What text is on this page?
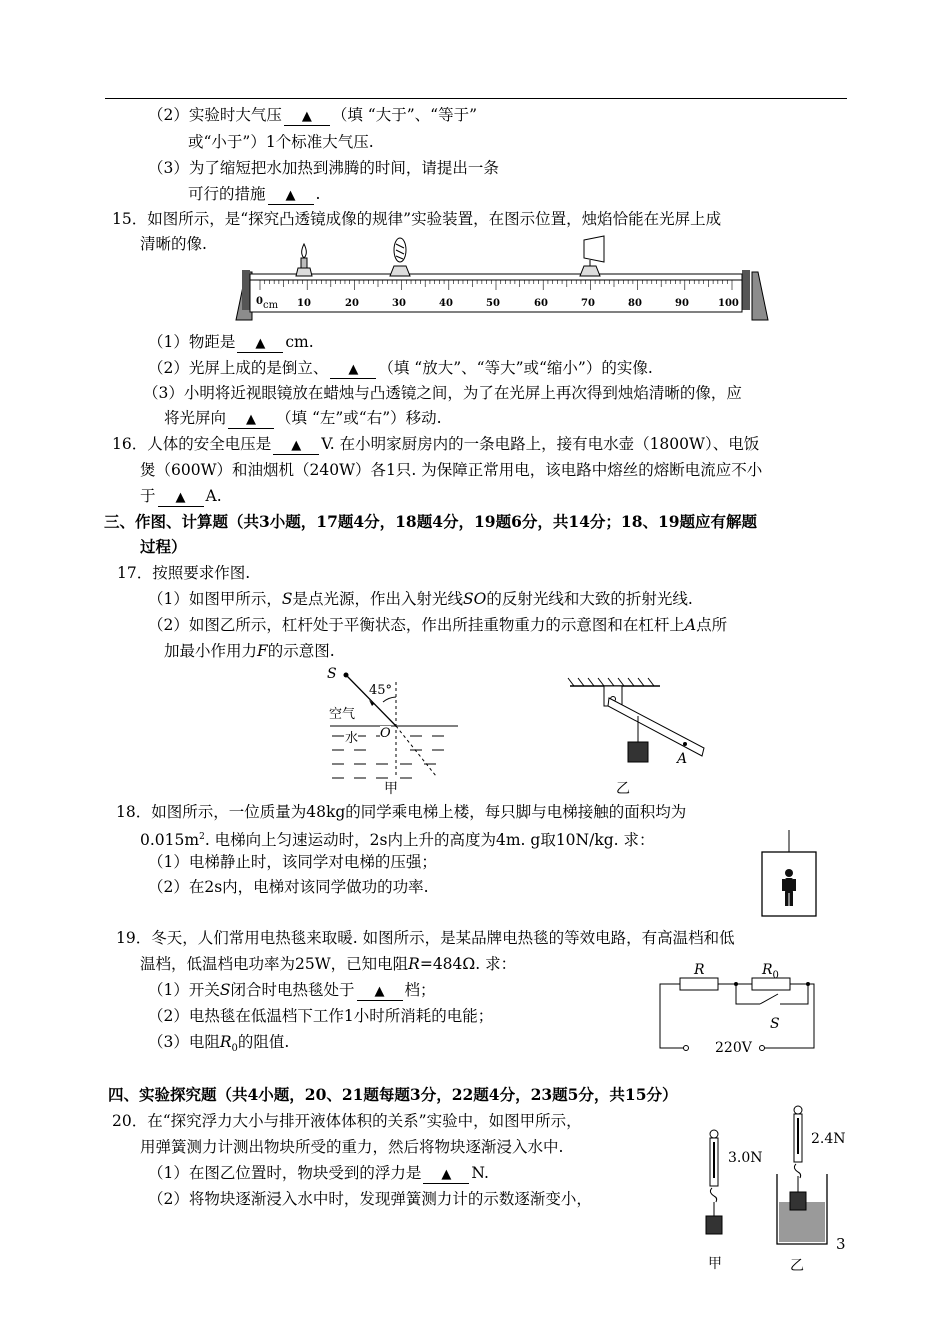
（2）实验时大气压 ▲ （填 “大于”、“等于”
或“小于”）1个标准大气压.
（3）为了缩短把水加热到沸腾的时间，请提出一条
可行的措施 ▲ .
15．如图所示，是“探究凸透镜成像的规律”实验装置，在图示位置，烛焰恰能在光屏上成
清晰的像.
0 cm 10	20	30	40	50	60	70	80	90	100
（1）物距是 ▲ cm.
（2）光屏上成的是倒立、 ▲ （填 “放大”、“等大”或“缩小”）的实像.
（3）小明将近视眼镜放在蜡烛与凸透镜之间，为了在光屏上再次得到烛焰清晰的像，应
将光屏向 ▲ （填 “左”或“右”）移动.
16．人体的安全电压是 ▲ V. 在小明家厨房内的一条电路上，接有电水壶（1800W）、电饭
煲（600W）和油烟机（240W）各1只. 为保障正常用电，该电路中熔丝的熔断电流应不小
于 ▲ A.
三、作图、计算题（共3小题，17题4分，18题4分，19题6分，共14分；18、19题应有解题
过程）
17．按照要求作图.
（1）如图甲所示，S是点光源，作出入射光线SO的反射光线和大致的折射光线.
（2）如图乙所示，杠杆处于平衡状态，作出所挂重物重力的示意图和在杠杆上A点所
加最小作用力F的示意图.
S
45°
空气
水 O
甲
A
乙
18．如图所示，一位质量为48kg的同学乘电梯上楼，每只脚与电梯接触的面积均为
$0.015m^2$. 电梯向上匀速运动时，2s内上升的高度为4m. g取10N/kg. 求：
（1）电梯静止时，该同学对电梯的压强；
（2）在2s内，电梯对该同学做功的功率.
19．冬天，人们常用电热毯来取暖. 如图所示，是某品牌电热毯的等效电路，有高温档和低
温档，低温档电功率为25W，已知电阻R=484Ω. 求：
（1）开关S闭合时电热毯处于 ▲ 档；
（2）电热毯在低温档下工作1小时所消耗的电能；
（3）电阻$R_0$的阻值.
R	$R_0$
S
220V
四、实验探究题（共4小题，20、21题每题3分，22题4分，23题5分，共15分）
20．在“探究浮力大小与排开液体体积的关系”实验中，如图甲所示，
用弹簧测力计测出物块所受的重力，然后将物块逐渐浸入水中.
（1）在图乙位置时，物块受到的浮力是 ▲ N.
（2）将物块逐渐浸入水中时，发现弹簧测力计的示数逐渐变小，
3.0N
2.4N
甲	乙
3
